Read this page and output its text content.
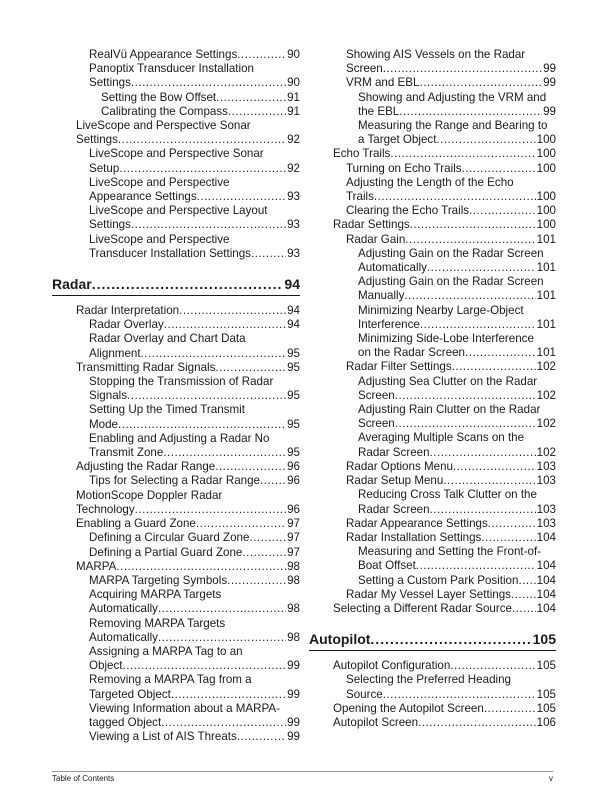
RealVü Appearance Settings .....	90
Panoptix Transducer Installation
Settings .....	90
Setting the Bow Offset .....	91
Calibrating the Compass .....	91
LiveScope and Perspective Sonar
Settings .....	92
LiveScope and Perspective Sonar
Setup .....	92
LiveScope and Perspective
Appearance Settings .....	93
LiveScope and Perspective Layout
Settings .....	93
LiveScope and Perspective
Transducer Installation Settings .....	93
Radar .....	94
Radar Interpretation .....	94
Radar Overlay .....	94
Radar Overlay and Chart Data
Alignment .....	95
Transmitting Radar Signals .....	95
Stopping the Transmission of Radar
Signals .....	95
Setting Up the Timed Transmit
Mode .....	95
Enabling and Adjusting a Radar No
Transmit Zone .....	95
Adjusting the Radar Range .....	96
Tips for Selecting a Radar Range ..... 96
MotionScope Doppler Radar
Technology .....	96
Enabling a Guard Zone .....	97
Defining a Circular Guard Zone .....	97
Defining a Partial Guard Zone .....	97
MARPA .....	98
MARPA Targeting Symbols .....	98
Acquiring MARPA Targets
Automatically .....	98
Removing MARPA Targets
Automatically .....	98
Assigning a MARPA Tag to an
Object .....	99
Removing a MARPA Tag from a
Targeted Object .....	99
Viewing Information about a MARPA-
tagged Object .....	99
Viewing a List of AIS Threats .....	99
Showing AIS Vessels on the Radar
Screen .....	99
VRM and EBL .....	99
Showing and Adjusting the VRM and
the EBL .....	99
Measuring the Range and Bearing to
a Target Object .....	100
Echo Trails .....	100
Turning on Echo Trails .....	100
Adjusting the Length of the Echo
Trails .....	100
Clearing the Echo Trails .....	100
Radar Settings .....	100
Radar Gain .....	101
Adjusting Gain on the Radar Screen
Automatically .....	101
Adjusting Gain on the Radar Screen
Manually .....	101
Minimizing Nearby Large-Object
Interference .....	101
Minimizing Side-Lobe Interference
on the Radar Screen .....	101
Radar Filter Settings .....	102
Adjusting Sea Clutter on the Radar
Screen .....	102
Adjusting Rain Clutter on the Radar
Screen .....	102
Averaging Multiple Scans on the
Radar Screen .....	102
Radar Options Menu .....	103
Radar Setup Menu .....	103
Reducing Cross Talk Clutter on the
Radar Screen .....	103
Radar Appearance Settings .....	103
Radar Installation Settings .....	104
Measuring and Setting the Front-of-
Boat Offset .....	104
Setting a Custom Park Position ..... 104
Radar My Vessel Layer Settings ..... 104
Selecting a Different Radar Source ..... 104
Autopilot .....	105
Autopilot Configuration .....	105
Selecting the Preferred Heading
Source .....	105
Opening the Autopilot Screen .....	105
Autopilot Screen .....	106
Table of Contents	v
